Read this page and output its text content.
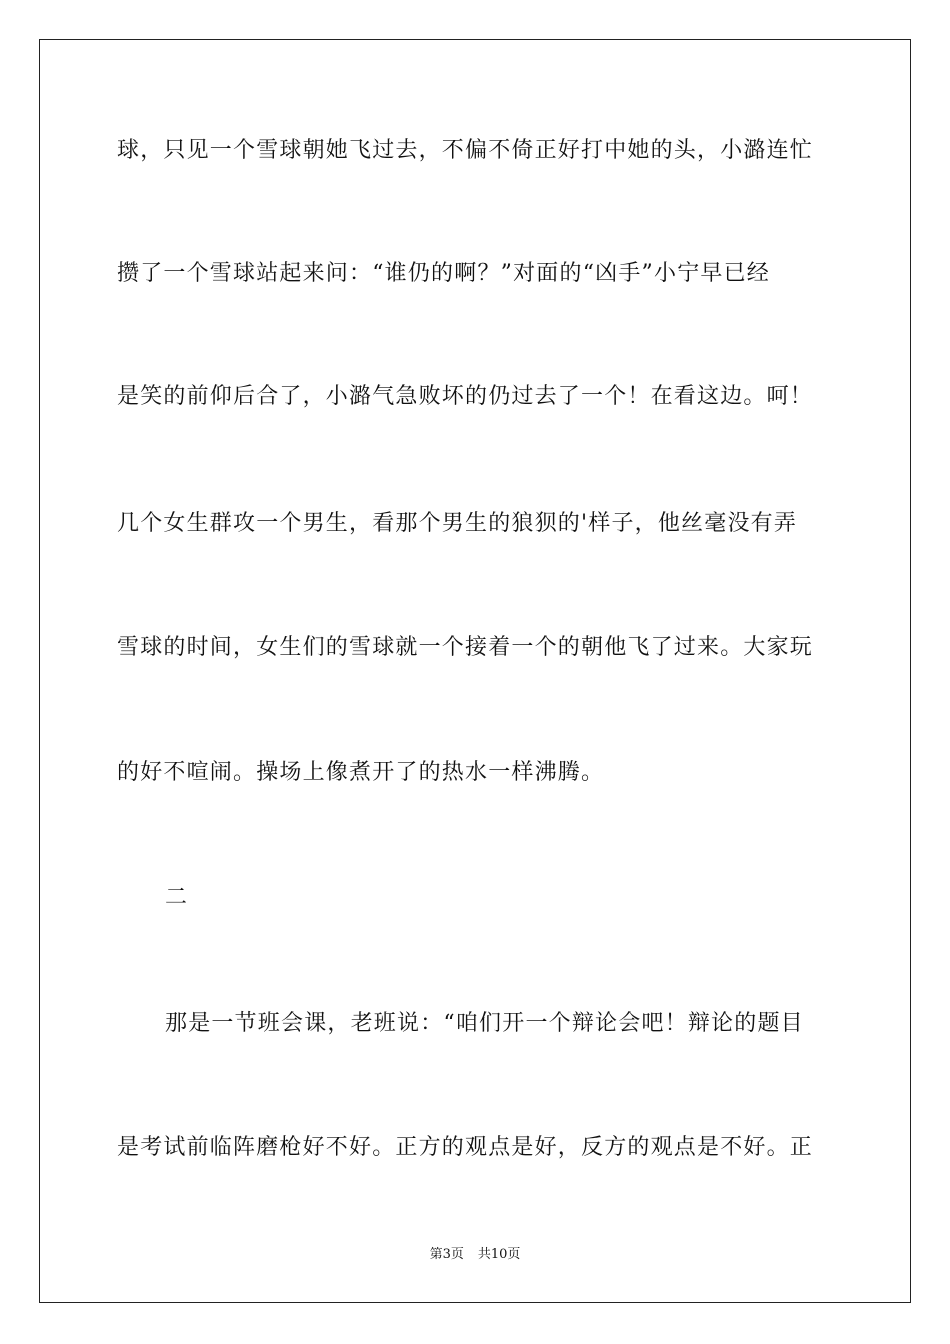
球，只见一个雪球朝她飞过去，不偏不倚正好打中她的头，小潞连忙
攒了一个雪球站起来问：“谁仍的啊？”对面的“凶手”小宁早已经
是笑的前仰后合了，小潞气急败坏的仍过去了一个！在看这边。呵！
几个女生群攻一个男生，看那个男生的狼狈的'样子，他丝毫没有弄
雪球的时间，女生们的雪球就一个接着一个的朝他飞了过来。大家玩
的好不喧闹。操场上像煮开了的热水一样沸腾。
二
那是一节班会课，老班说：“咱们开一个辩论会吧！辩论的题目
是考试前临阵磨枪好不好。正方的观点是好，反方的观点是不好。正
第3页 共10页
